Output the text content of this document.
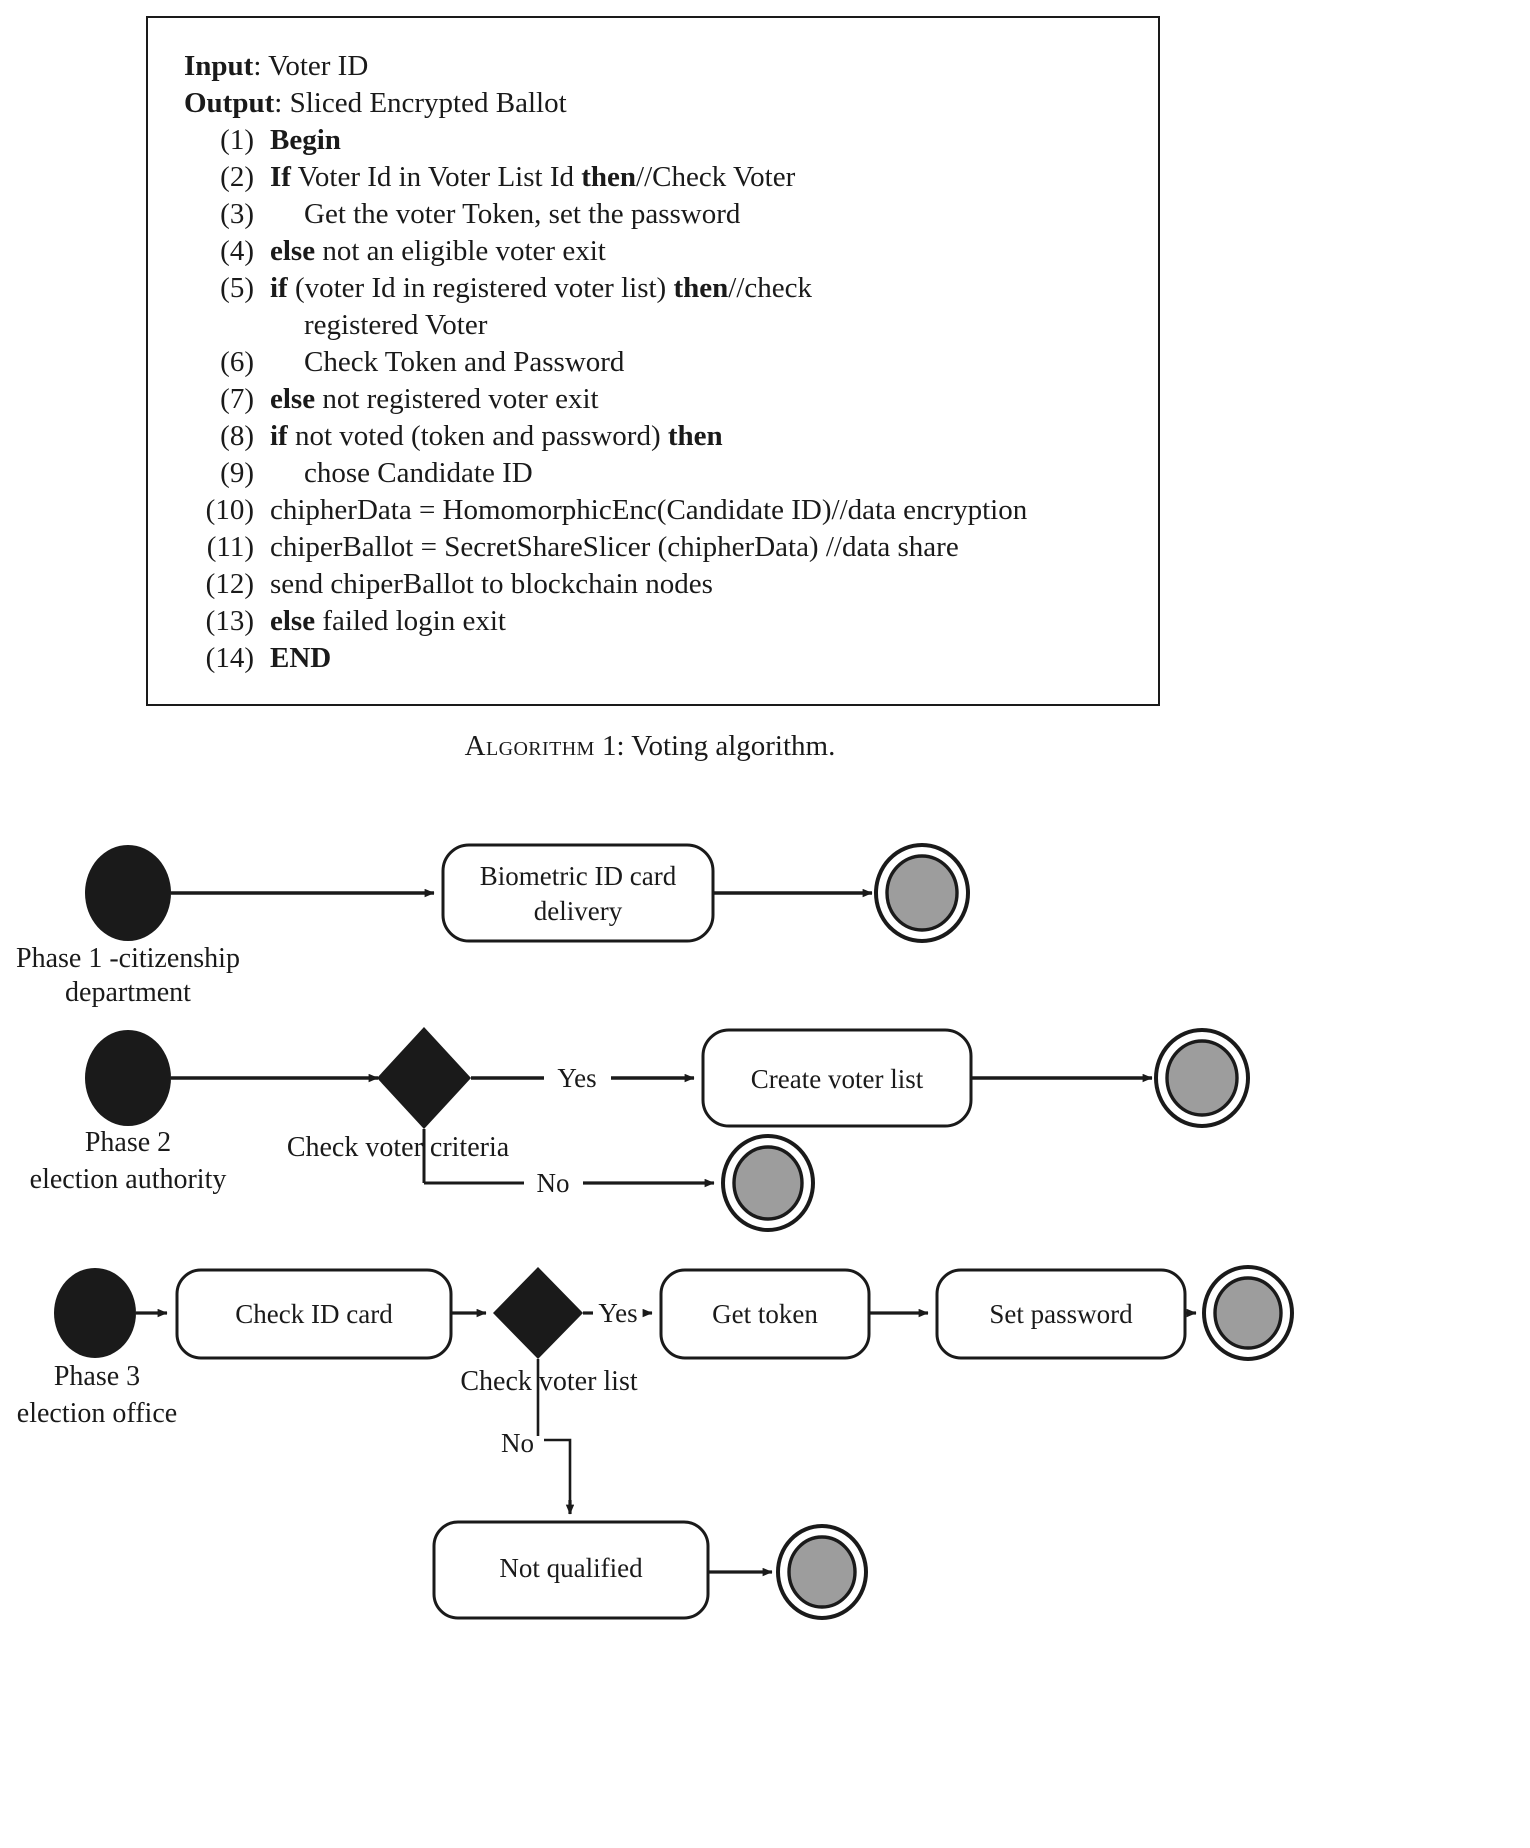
Input: Voter ID
Output: Sliced Encrypted Ballot
(1) Begin
(2) If Voter Id in Voter List Id then//Check Voter
(3)	Get the voter Token, set the password
(4) else not an eligible voter exit
(5) if (voter Id in registered voter list) then//check
registered Voter
(6)	Check Token and Password
(7) else not registered voter exit
(8) if not voted (token and password) then
(9)	chose Candidate ID
(10) chipherData = HomomorphicEnc(Candidate ID)//data encryption
(11) chiperBallot = SecretShareSlicer (chipherData) //data share
(12) send chiperBallot to blockchain nodes
(13) else failed login exit
(14) END
Algorithm 1: Voting algorithm.
Biometric ID card
delivery
Phase 1 -citizenship
department
Yes	Create voter list
Check voter criteria
No
Phase 2
election authority
Check ID card	Yes	Get token	Set password
Check voter list
No
Not qualified
Phase 3
election office
